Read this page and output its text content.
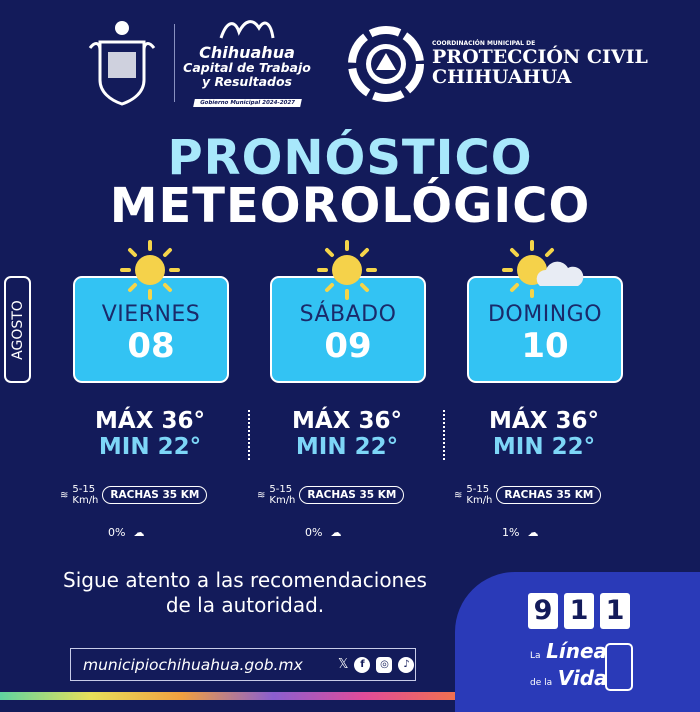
Chihuahua
Capital de Trabajo
y Resultados
Gobierno Municipal 2024-2027
COORDINACIÓN MUNICIPAL DE
PROTECCIÓN CIVIL
CHIHUAHUA
PRONÓSTICO
METEOROLÓGICO
AGOSTO	VIERNES
08
MÁX 36°
MIN 22°
≋ 5-15
Km/h	RACHAS 35 KM
0% ☁
SÁBADO
09
MÁX 36°
MIN 22°
≋ 5-15
Km/h	RACHAS 35 KM
0% ☁
DOMINGO
10
MÁX 36°
MIN 22°
≋ 5-15
Km/h	RACHAS 35 KM
1% ☁
Sigue atento a las recomendaciones
de la autoridad.
municipiochihuahua.gob.mx	𝕏	f	◎	♪
9 1 1
La Línea
de la Vida
